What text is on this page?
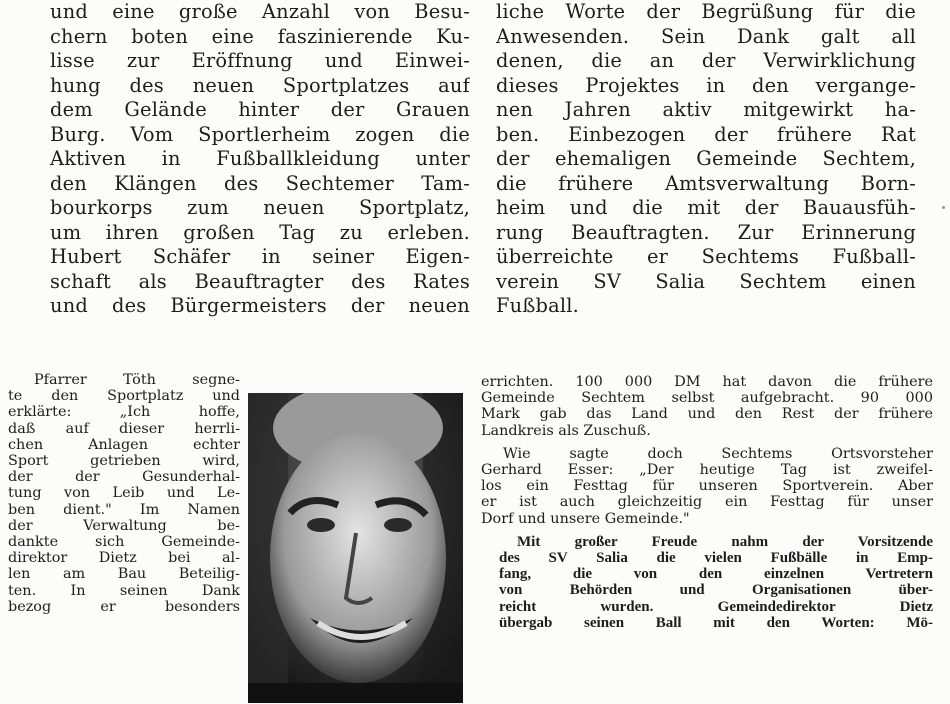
und eine große Anzahl von Besu-
chern boten eine faszinierende Ku-
lisse zur Eröffnung und Einwei-
hung des neuen Sportplatzes auf
dem Gelände hinter der Grauen
Burg. Vom Sportlerheim zogen die
Aktiven in Fußballkleidung unter
den Klängen des Sechtemer Tam-
bourkorps zum neuen Sportplatz,
um ihren großen Tag zu erleben.
Hubert Schäfer in seiner Eigen-
schaft als Beauftragter des Rates
und des Bürgermeisters der neuen
liche Worte der Begrüßung für die
Anwesenden. Sein Dank galt all
denen, die an der Verwirklichung
dieses Projektes in den vergange-
nen Jahren aktiv mitgewirkt ha-
ben. Einbezogen der frühere Rat
der ehemaligen Gemeinde Sechtem,
die frühere Amtsverwaltung Born-
heim und die mit der Bauausfüh-
rung Beauftragten. Zur Erinnerung
überreichte er Sechtems Fußball-
verein SV Salia Sechtem einen
Fußball.
Pfarrer Töth segne-
te den Sportplatz und
erklärte: „Ich hoffe,
daß auf dieser herrli-
chen Anlagen echter
Sport getrieben wird,
der der Gesunderhal-
tung von Leib und Le-
ben dient." Im Namen
der Verwaltung be-
dankte sich Gemeinde-
direktor Dietz bei al-
len am Bau Beteilig-
ten. In seinen Dank
bezog er besonders
errichten. 100 000 DM hat davon die frühere
Gemeinde Sechtem selbst aufgebracht. 90 000
Mark gab das Land und den Rest der frühere
Landkreis als Zuschuß.
Wie sagte doch Sechtems Ortsvorsteher
Gerhard Esser: „Der heutige Tag ist zweifel-
los ein Festtag für unseren Sportverein. Aber
er ist auch gleichzeitig ein Festtag für unser
Dorf und unsere Gemeinde."
Mit großer Freude nahm der Vorsitzende
des SV Salia die vielen Fußbälle in Emp-
fang, die von den einzelnen Vertretern
von Behörden und Organisationen über-
reicht wurden. Gemeindedirektor Dietz
übergab seinen Ball mit den Worten: Mö-
